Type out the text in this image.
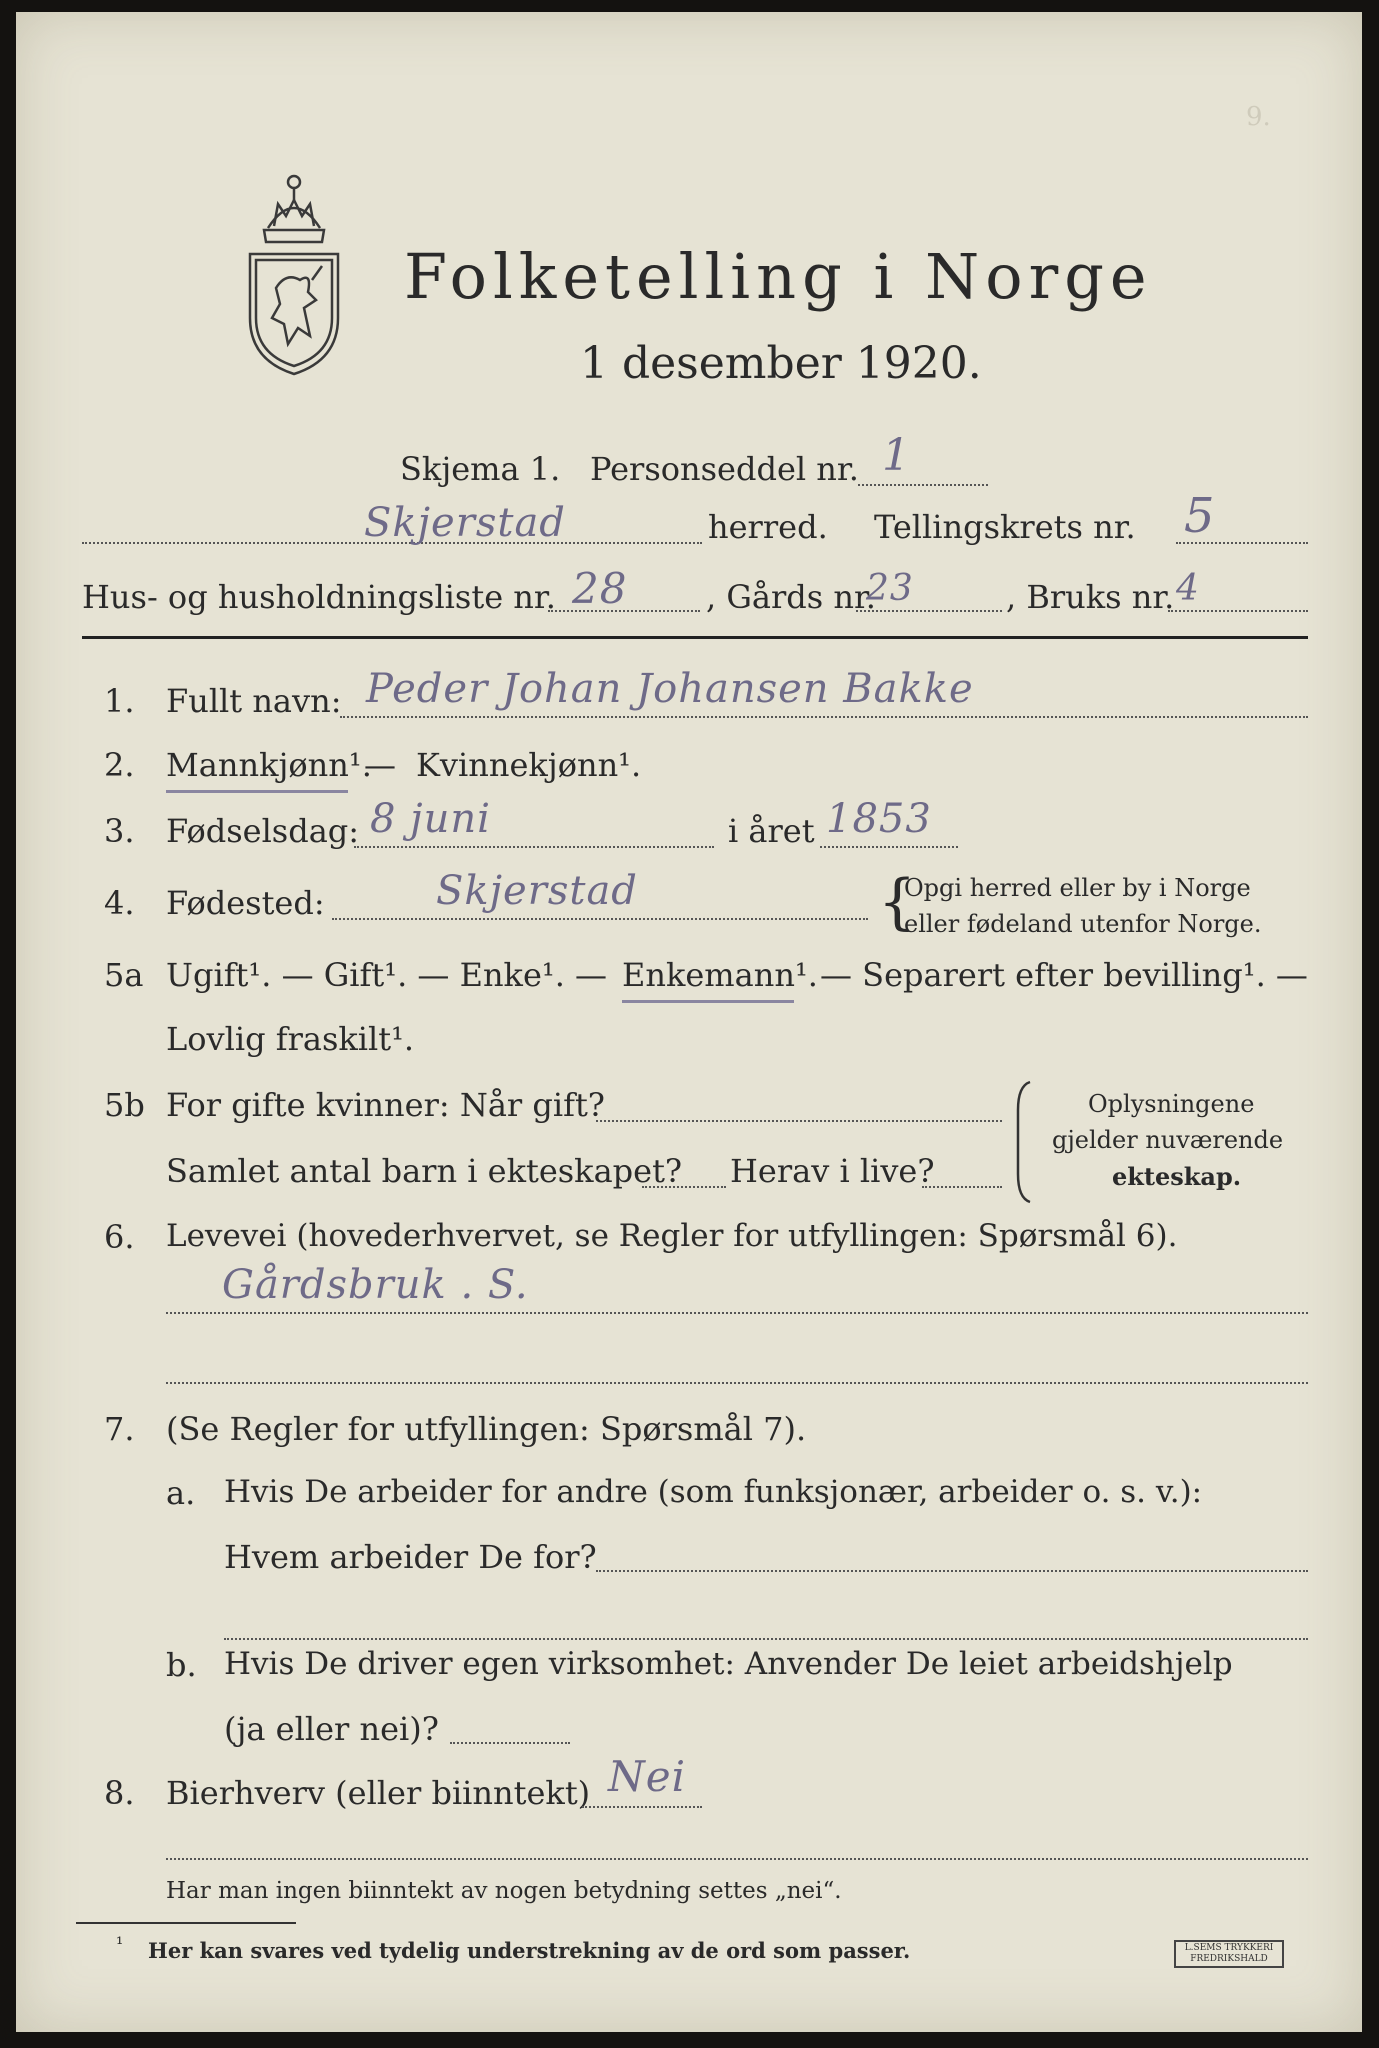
9.
Folketelling i Norge
1 desember 1920.
Skjema 1. Personseddel nr. 1
Skjerstad	herred. Tellingskrets nr. 5
Hus- og husholdningsliste nr. 28 , Gårds nr.
23	, Bruks nr. 4
1. Fullt navn: Peder Johan Johansen Bakke
2. Mannkjønn¹.
— Kvinnekjønn¹.
3. Fødselsdag: 8 juni	i året 1853
4. Fødested:	Skjerstad	{
Opgi herred eller by i Norge
eller fødeland utenfor Norge.
5a Ugift¹. — Gift¹. — Enke¹. — Enkemann¹. — Separert efter bevilling¹. —
Lovlig fraskilt¹.
5b For gifte kvinner: Når gift?
Samlet antal barn i ekteskapet? Herav i live?
Oplysningene
gjelder nuværende
ekteskap.
6. Levevei (hovederhvervet, se Regler for utfyllingen: Spørsmål 6).
Gårdsbruk . S.
7. (Se Regler for utfyllingen: Spørsmål 7).
a. Hvis De arbeider for andre (som funksjonær, arbeider o. s. v.):
Hvem arbeider De for?
b. Hvis De driver egen virksomhet: Anvender De leiet arbeidshjelp
(ja eller nei)?
8. Bierhverv (eller biinntekt) Nei
Har man ingen biinntekt av nogen betydning settes „nei“.
¹ Her kan svares ved tydelig understrekning av de ord som passer.	L.SEMS TRYKKERI
FREDRIKSHALD
